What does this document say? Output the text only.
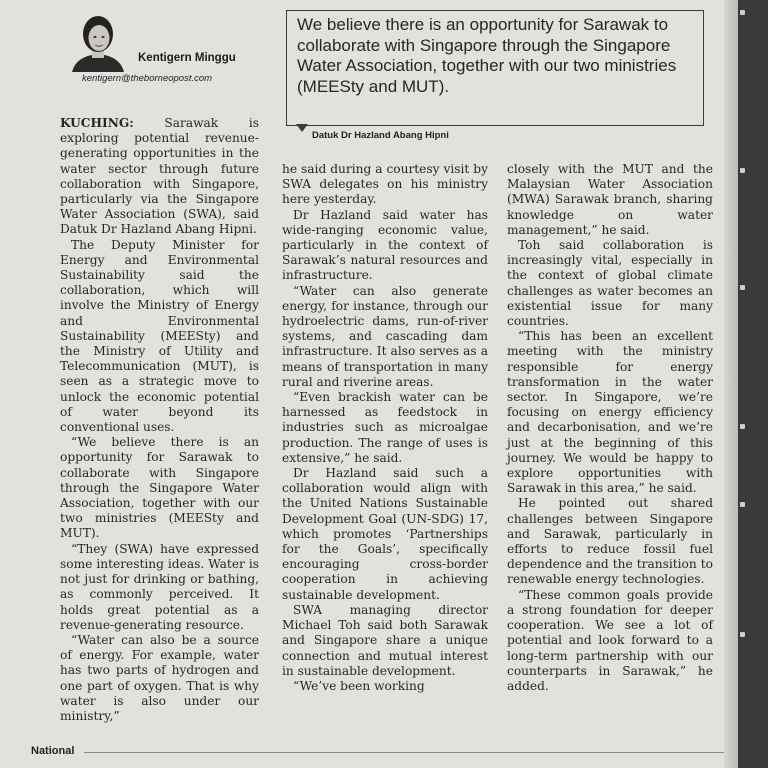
Kentigern Minggu
kentigern@theborneopost.com

We believe there is an opportunity for Sarawak to collaborate with Singapore through the Singapore Water Association, together with our two ministries (MEESty and MUT).

Datuk Dr Hazland Abang Hipni

KUCHING:	Sarawak is exploring potential revenue-generating opportunities in the water sector through future collaboration with Singapore, particularly via the Singapore Water Association (SWA), said Datuk Dr Hazland Abang Hipni.

The Deputy Minister for Energy and Environmental Sustainability said the collaboration, which will involve the Ministry of Energy and Environmental Sustainability (MEESty) and the Ministry of Utility and Telecommunication (MUT), is seen as a strategic move to unlock the economic potential of water beyond its conventional uses.

“We believe there is an opportunity for Sarawak to collaborate with Singapore through the Singapore Water Association, together with our two ministries (MEESty and MUT).

“They (SWA) have expressed some interesting ideas. Water is not just for drinking or bathing, as commonly perceived. It holds great potential as a revenue-generating resource.

“Water can also be a source of energy. For example, water has two parts of hydrogen and one part of oxygen. That is why water is also under our ministry,”

he said during a courtesy visit by SWA delegates on his ministry here yesterday.

Dr Hazland said water has wide-ranging economic value, particularly in the context of Sarawak’s natural resources and infrastructure.

“Water can also generate energy, for instance, through our hydroelectric dams, run-of-river systems, and cascading dam infrastructure. It also serves as a means of transportation in many rural and riverine areas.

“Even brackish water can be harnessed as feedstock in industries such as microalgae production. The range of uses is extensive,” he said.

Dr Hazland said such a collaboration would align with the United Nations Sustainable Development Goal (UN-SDG) 17, which promotes ‘Partnerships for the Goals’, specifically encouraging cross-border cooperation in achieving sustainable development.

SWA managing director Michael Toh said both Sarawak and Singapore share a unique connection and mutual interest in sustainable development.

“We’ve been working

closely with the MUT and the Malaysian Water Association (MWA) Sarawak branch, sharing knowledge on water management,” he said.

Toh said collaboration is increasingly vital, especially in the context of global climate challenges as water becomes an existential issue for many countries.

“This has been an excellent meeting with the ministry responsible for energy transformation in the water sector. In Singapore, we’re focusing on energy efficiency and decarbonisation, and we’re just at the beginning of this journey. We would be happy to explore opportunities with Sarawak in this area,” he said.

He pointed out shared challenges between Singapore and Sarawak, particularly in efforts to reduce fossil fuel dependence and the transition to renewable energy technologies.

“These common goals provide a strong foundation for deeper cooperation. We see a lot of potential and look forward to a long-term partnership with our counterparts in Sarawak,” he added.

National
